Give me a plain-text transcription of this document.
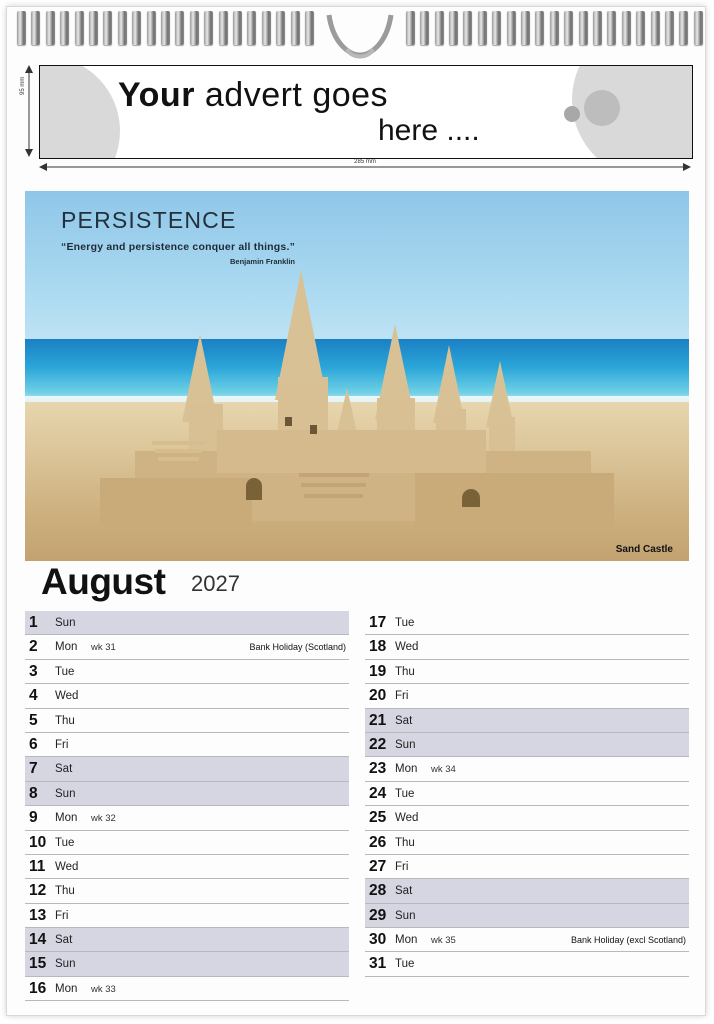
95 mm	Your advert goes
here ....
285 mm
PERSISTENCE
“Energy and persistence conquer all things.”
Benjamin Franklin
Sand Castle
August 2027
1 Sun
2 Mon wk 31	Bank Holiday (Scotland)
3 Tue
4 Wed
5 Thu
6 Fri
7 Sat
8 Sun
9 Mon wk 32
10 Tue
11 Wed
12 Thu
13 Fri
14 Sat
15 Sun
16 Mon wk 33
17 Tue
18 Wed
19 Thu
20 Fri
21 Sat
22 Sun
23 Mon wk 34
24 Tue
25 Wed
26 Thu
27 Fri
28 Sat
29 Sun
30 Mon wk 35	Bank Holiday (excl Scotland)
31 Tue
